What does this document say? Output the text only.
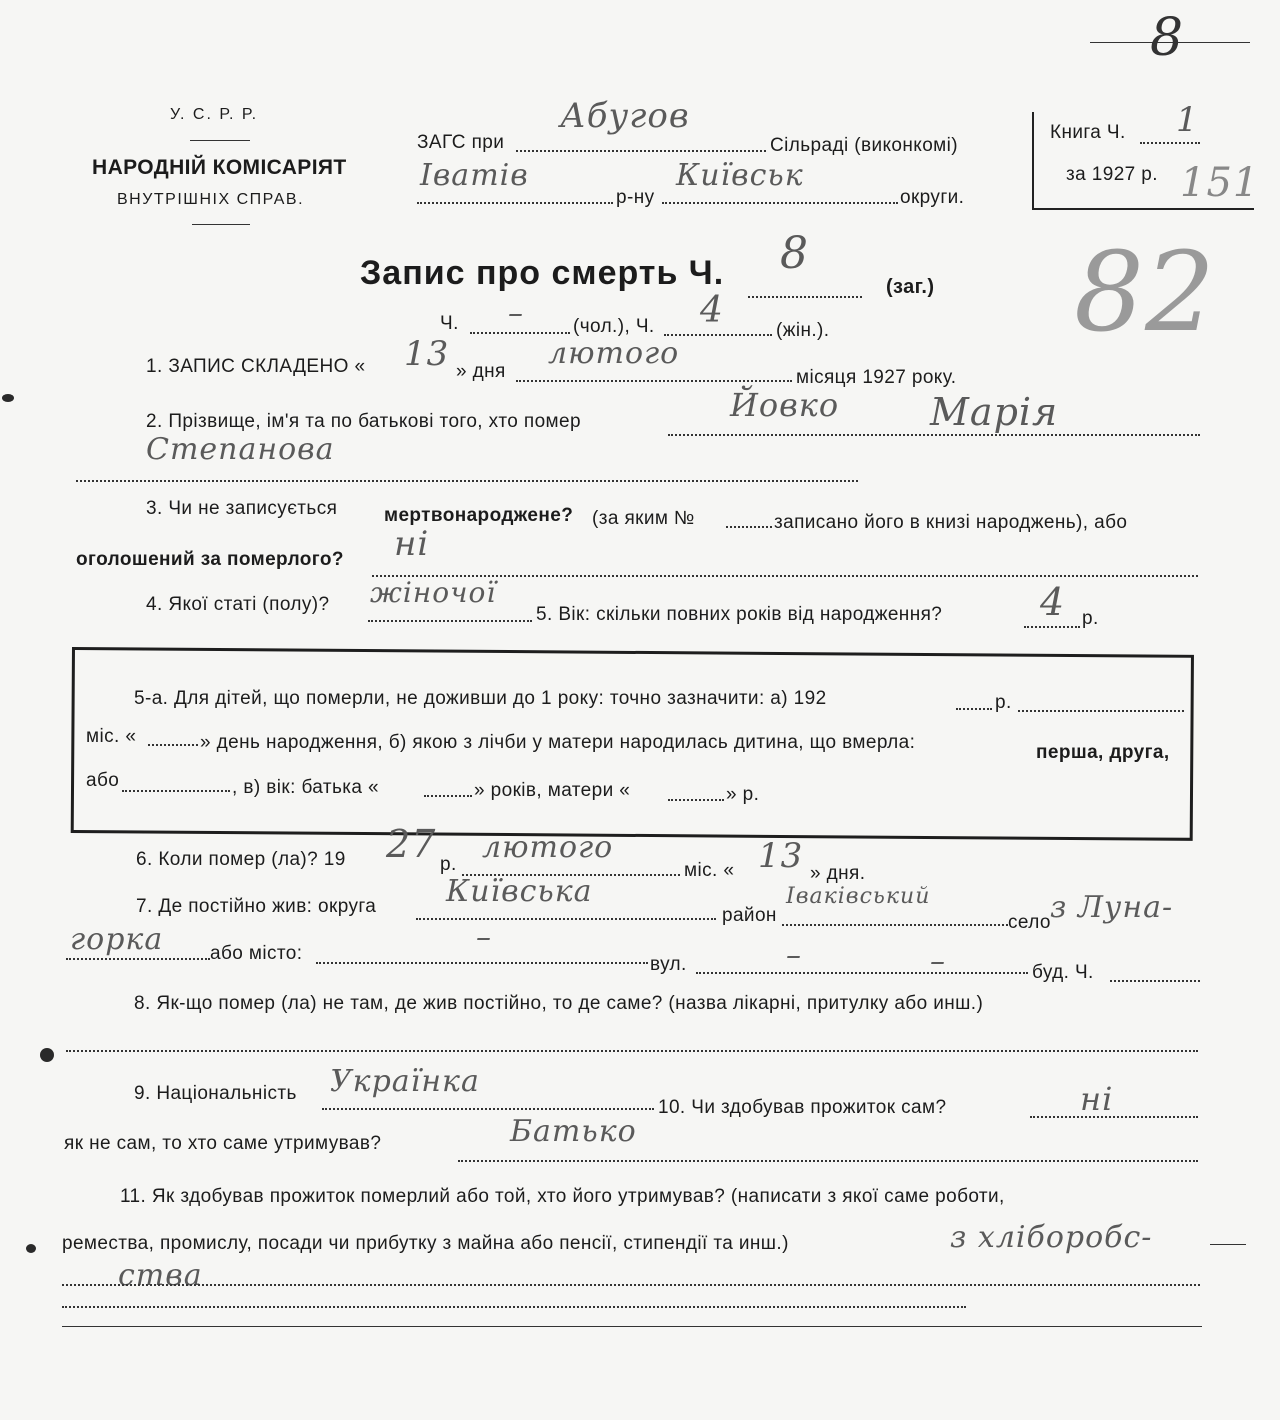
8
У. С. Р. Р.
НАРОДНІЙ КОМІСАРІЯТ
ВНУТРІШНІХ СПРАВ.
ЗАГС при
Абугов
Сільраді (виконкомі)
Іватів
р-ну
Київськ
округи.
Книга Ч. 1
за 1927 р. 151
82
Запис про смерть Ч. 8
(заг.)
Ч. –	(чол.), Ч. 4	(жін.).
1. ЗАПИС СКЛАДЕНО « 13 » дня
лютого
місяця 1927 року.
2. Прізвище, ім'я та по батькові того, хто помер	Йовко Марія
Степанова
3. Чи не записується мертвонароджене? (за яким №	записано його в книзі народжень), або
оголошений за померлого? ні
4. Якої статі (полу)? жіночої
5. Вік: скільки повних років від народження?	4 р.
5-а. Для дітей, що померли, не доживши до 1 року: точно зазначити: а) 192	р.
міс. «	» день народження, б) якою з лічби у матери народилась дитина, що вмерла:	перша, друга,
або	, в) вік: батька «	» років, матери «	» р.
6. Коли помер (ла)? 19 27 р. лютого
міс. « 13 » дня.
7. Де постійно жив: округа Київська
район
Іваківський
село з Луна-
горка або місто:	–
вул.	–	–	буд. Ч.
8. Як-що помер (ла) не там, де жив постійно, то де саме? (назва лікарні, притулку або инш.)
9. Національність Українка
10. Чи здобував прожиток сам?	ні
як не сам, то хто саме утримував?	Батько
11. Як здобував прожиток померлий або той, хто його утримував? (написати з якої саме роботи,
ремества, промислу, посади чи прибутку з майна або пенсії, стипендії та инш.)	з хліборобс-
ства
